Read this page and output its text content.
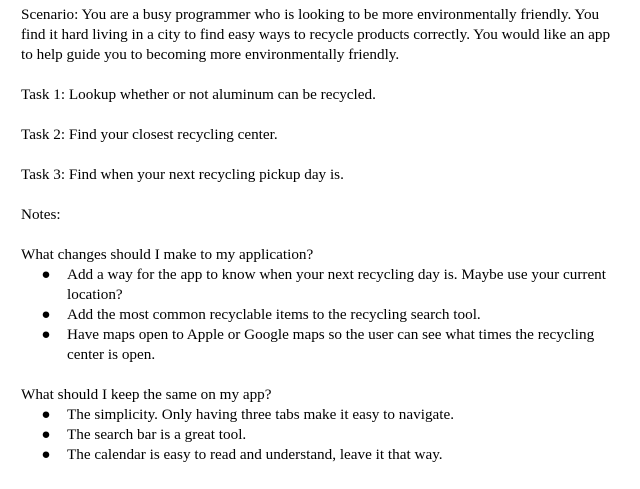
Scenario: You are a busy programmer who is looking to be more environmentally friendly. You find it hard living in a city to find easy ways to recycle products correctly. You would like an app to help guide you to becoming more environmentally friendly.

Task 1: Lookup whether or not aluminum can be recycled.

Task 2: Find your closest recycling center.

Task 3: Find when your next recycling pickup day is.

Notes:

What changes should I make to my application?

● Add a way for the app to know when your next recycling day is. Maybe use your current location?
● Add the most common recyclable items to the recycling search tool.
● Have maps open to Apple or Google maps so the user can see what times the recycling center is open.

What should I keep the same on my app?

● The simplicity. Only having three tabs make it easy to navigate.
● The search bar is a great tool.
● The calendar is easy to read and understand, leave it that way.
